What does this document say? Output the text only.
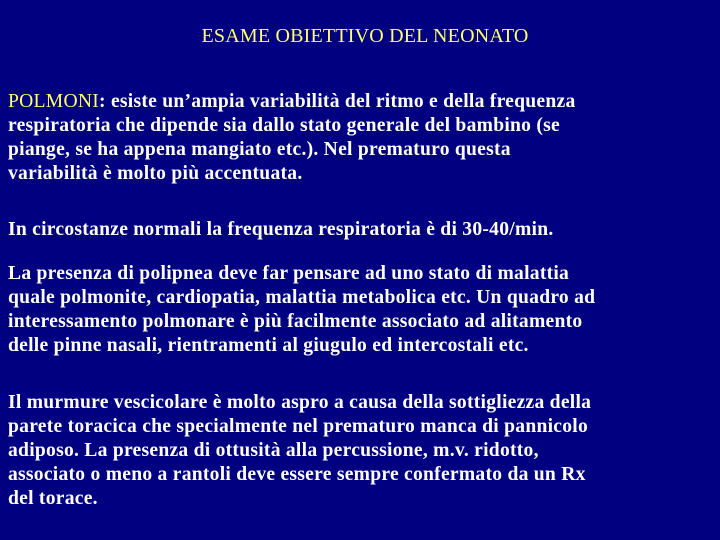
ESAME OBIETTIVO DEL NEONATO

POLMONI: esiste un’ampia variabilità del ritmo e della frequenza
respiratoria che dipende sia dallo stato generale del bambino (se
piange, se ha appena mangiato etc.). Nel prematuro questa
variabilità è molto più accentuata.

In circostanze normali la frequenza respiratoria è di 30-40/min.

La presenza di polipnea deve far pensare ad uno stato di malattia
quale polmonite, cardiopatia, malattia metabolica etc. Un quadro ad
interessamento polmonare è più facilmente associato ad alitamento
delle pinne nasali, rientramenti al giugulo ed intercostali etc.

Il murmure vescicolare è molto aspro a causa della sottigliezza della
parete toracica che specialmente nel prematuro manca di pannicolo
adiposo. La presenza di ottusità alla percussione, m.v. ridotto,
associato o meno a rantoli deve essere sempre confermato da un Rx
del torace.
